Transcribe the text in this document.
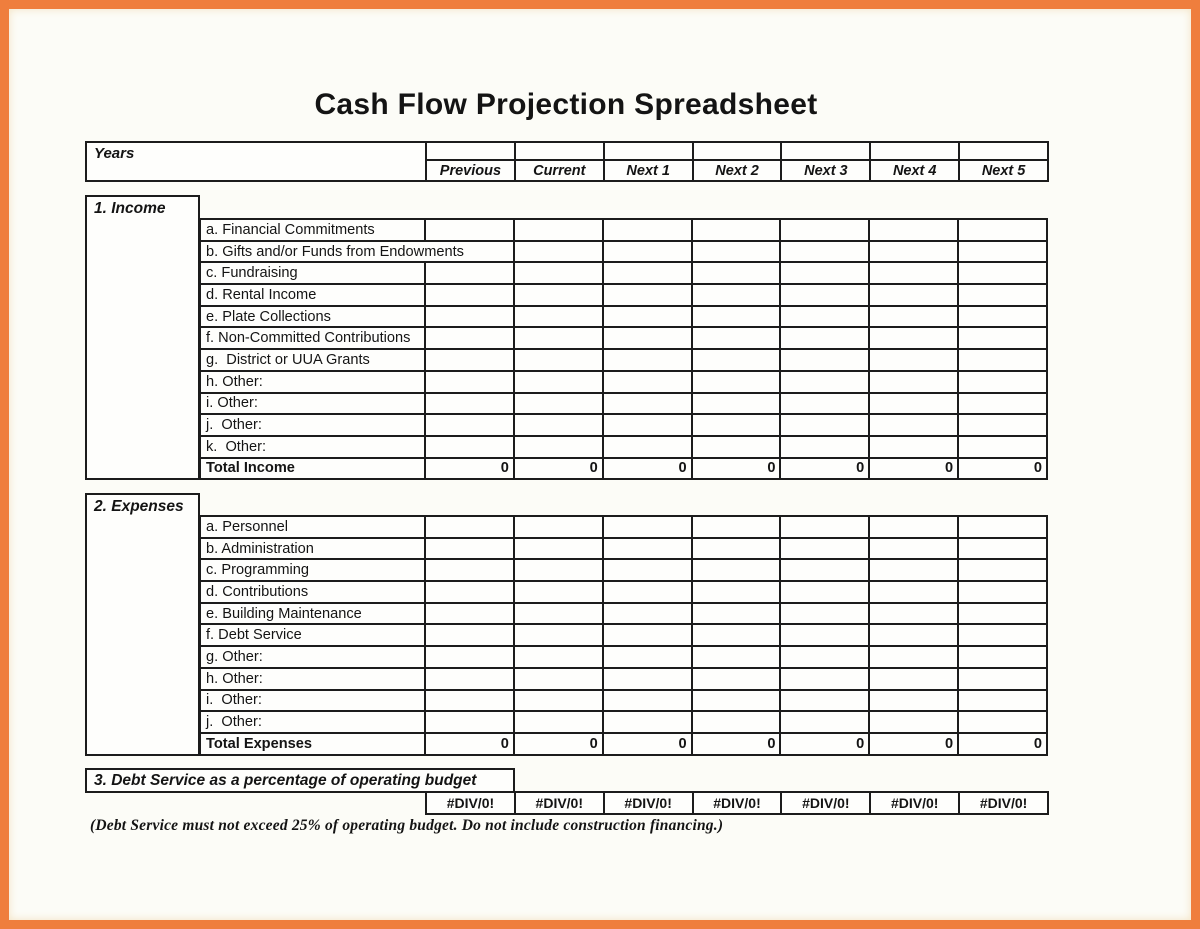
Cash Flow Projection Spreadsheet
Years							
	Previous	Current	Next 1	Next 2	Next 3	Next 4	Next 5
1. Income
a. Financial Commitments							
b. Gifts and/or Funds from Endowments							
c. Fundraising							
d. Rental Income							
e. Plate Collections							
f. Non-Committed Contributions							
g.  District or UUA Grants							
h. Other:							
i. Other:							
j.  Other:							
k.  Other:							
Total Income	0	0	0	0	0	0	0
2. Expenses
a. Personnel							
b. Administration							
c. Programming							
d. Contributions							
e. Building Maintenance							
f. Debt Service							
g. Other:							
h. Other:							
i.  Other:							
j.  Other:							
Total Expenses	0	0	0	0	0	0	0
3. Debt Service as a percentage of operating budget
#DIV/0!	#DIV/0!	#DIV/0!	#DIV/0!	#DIV/0!	#DIV/0!	#DIV/0!
(Debt Service must not exceed 25% of operating budget. Do not include construction financing.)
